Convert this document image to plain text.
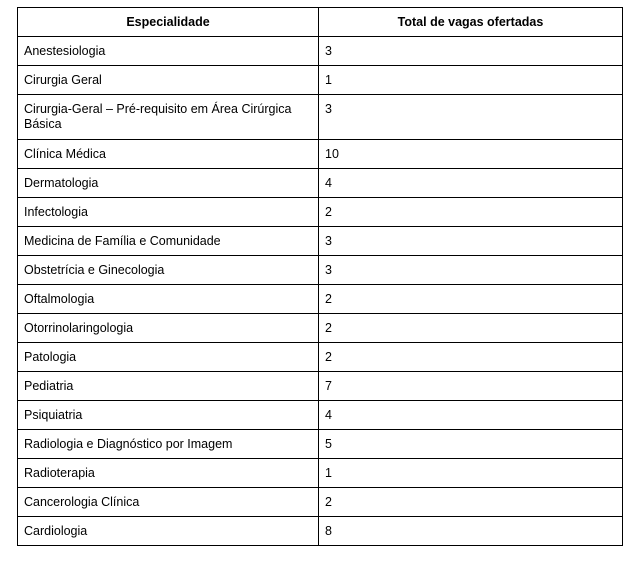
Especialidade	Total de vagas ofertadas
Anestesiologia	3
Cirurgia Geral	1
Cirurgia-Geral – Pré-requisito em Área Cirúrgica Básica	3
Clínica Médica	10
Dermatologia	4
Infectologia	2
Medicina de Família e Comunidade	3
Obstetrícia e Ginecologia	3
Oftalmologia	2
Otorrinolaringologia	2
Patologia	2
Pediatria	7
Psiquiatria	4
Radiologia e Diagnóstico por Imagem	5
Radioterapia	1
Cancerologia Clínica	2
Cardiologia	8
